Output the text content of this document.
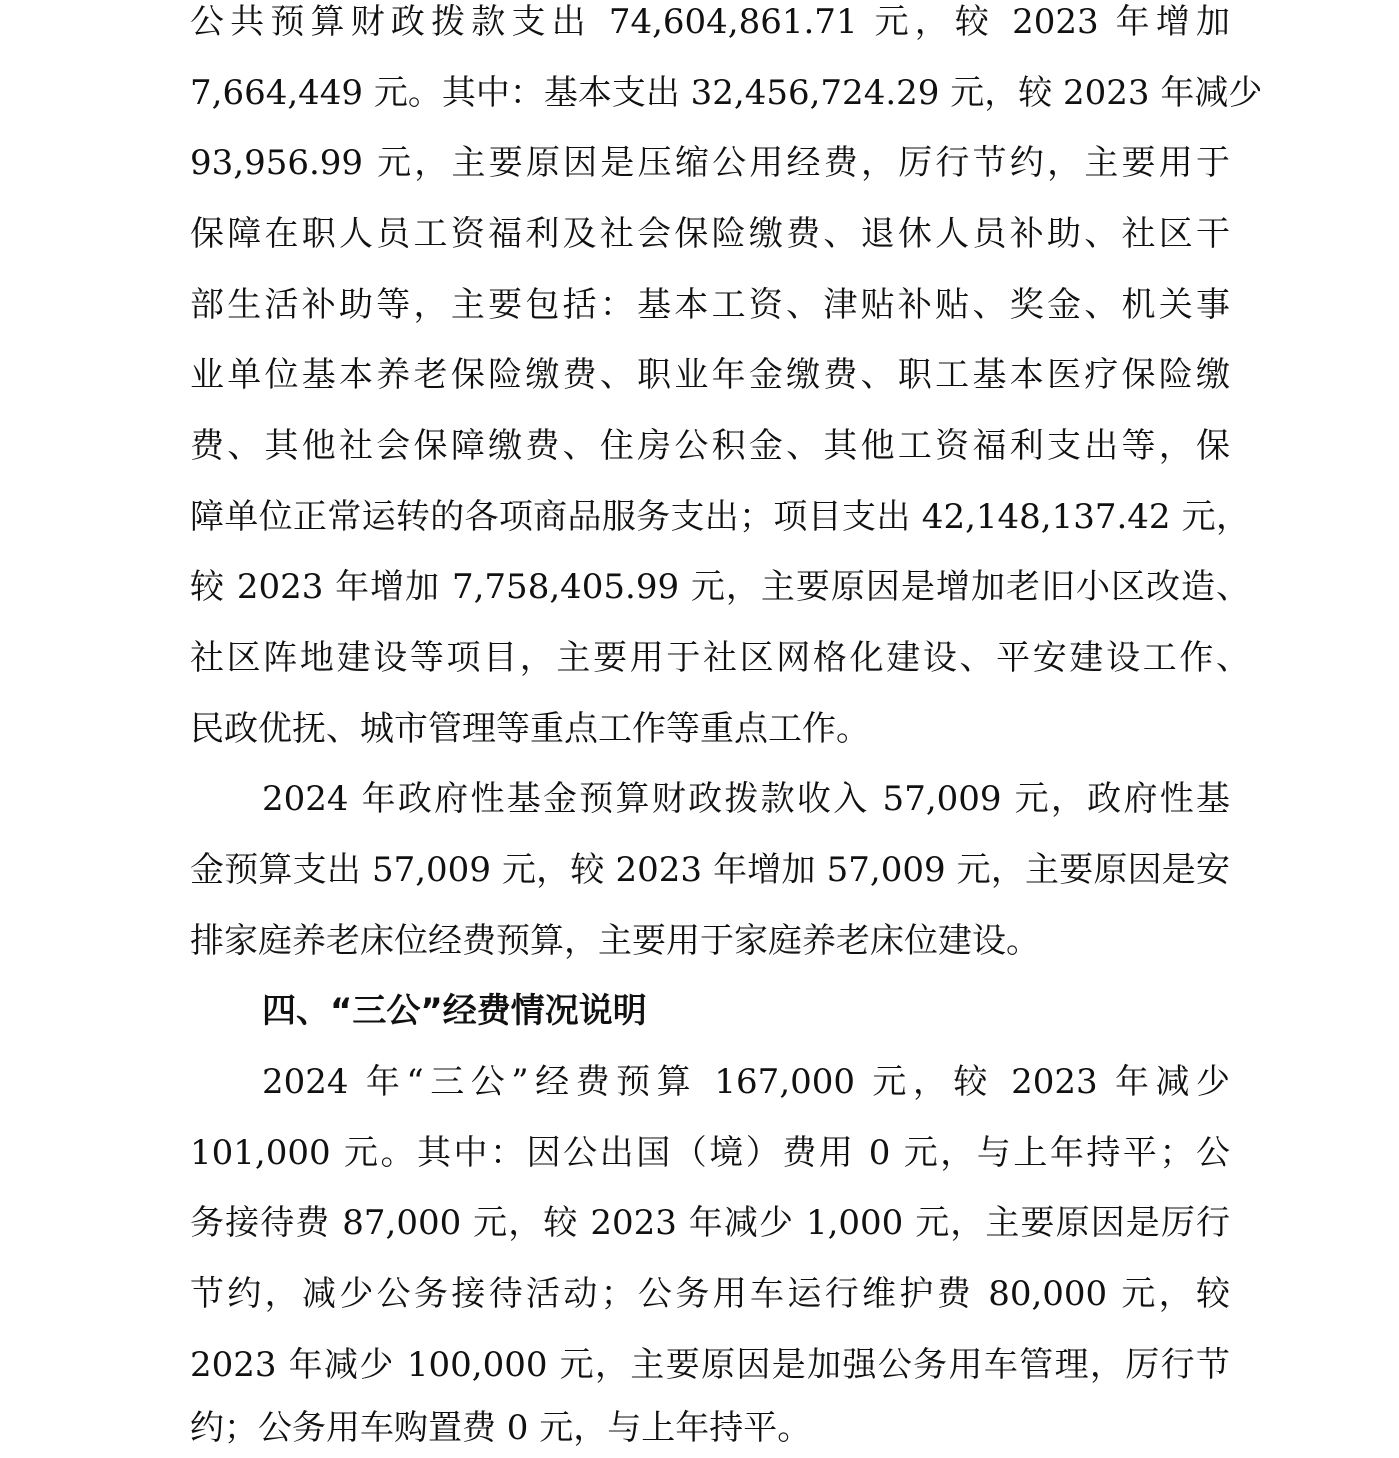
公共预算财政拨款支出 74,604,861.71 元，较 2023 年增加
7,664,449 元。其中：基本支出 32,456,724.29 元，较 2023 年减少
93,956.99 元，主要原因是压缩公用经费，厉行节约，主要用于
保障在职人员工资福利及社会保险缴费、退休人员补助、社区干
部生活补助等，主要包括：基本工资、津贴补贴、奖金、机关事
业单位基本养老保险缴费、职业年金缴费、职工基本医疗保险缴
费、其他社会保障缴费、住房公积金、其他工资福利支出等，保
障单位正常运转的各项商品服务支出；项目支出 42,148,137.42 元，
较 2023 年增加 7,758,405.99 元，主要原因是增加老旧小区改造、
社区阵地建设等项目，主要用于社区网格化建设、平安建设工作、
民政优抚、城市管理等重点工作等重点工作。
2024 年政府性基金预算财政拨款收入 57,009 元，政府性基
金预算支出 57,009 元，较 2023 年增加 57,009 元，主要原因是安
排家庭养老床位经费预算，主要用于家庭养老床位建设。
四、“三公”经费情况说明
2024 年“三公”经费预算 167,000 元，较 2023 年减少
101,000 元。其中：因公出国（境）费用 0 元，与上年持平；公
务接待费 87,000 元，较 2023 年减少 1,000 元，主要原因是厉行
节约，减少公务接待活动；公务用车运行维护费 80,000 元，较
2023 年减少 100,000 元，主要原因是加强公务用车管理，厉行节
约；公务用车购置费 0 元，与上年持平。
